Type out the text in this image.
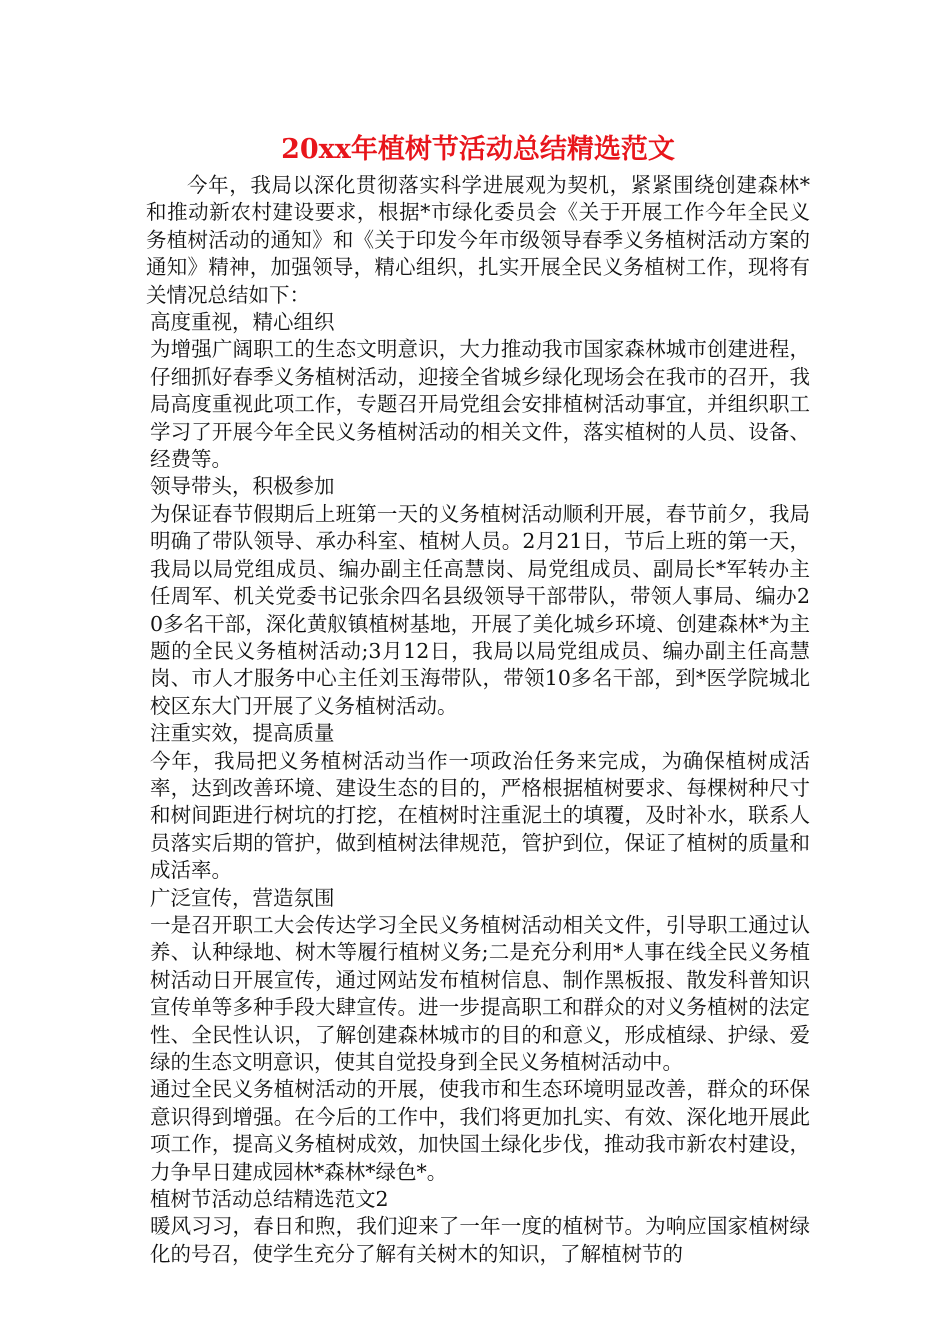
20xx年植树节活动总结精选范文

今年，我局以深化贯彻落实科学进展观为契机，紧紧围绕创建森林*和推动新农村建设要求，根据*市绿化委员会《关于开展工作今年全民义务植树活动的通知》和《关于印发今年市级领导春季义务植树活动方案的通知》精神，加强领导，精心组织，扎实开展全民义务植树工作，现将有关情况总结如下：

高度重视，精心组织

为增强广阔职工的生态文明意识，大力推动我市国家森林城市创建进程，仔细抓好春季义务植树活动，迎接全省城乡绿化现场会在我市的召开，我局高度重视此项工作，专题召开局党组会安排植树活动事宜，并组织职工学习了开展今年全民义务植树活动的相关文件，落实植树的人员、设备、经费等。

领导带头，积极参加

为保证春节假期后上班第一天的义务植树活动顺利开展，春节前夕，我局明确了带队领导、承办科室、植树人员。2月21日，节后上班的第一天，我局以局党组成员、编办副主任高慧岗、局党组成员、副局长*军转办主任周军、机关党委书记张余四名县级领导干部带队，带领人事局、编办20多名干部，深化黄舣镇植树基地，开展了美化城乡环境、创建森林*为主题的全民义务植树活动;3月12日，我局以局党组成员、编办副主任高慧岗、市人才服务中心主任刘玉海带队，带领10多名干部，到*医学院城北校区东大门开展了义务植树活动。

注重实效，提高质量

今年，我局把义务植树活动当作一项政治任务来完成，为确保植树成活率，达到改善环境、建设生态的目的，严格根据植树要求、每棵树种尺寸和树间距进行树坑的打挖，在植树时注重泥土的填覆，及时补水，联系人员落实后期的管护，做到植树法律规范，管护到位，保证了植树的质量和成活率。

广泛宣传，营造氛围

一是召开职工大会传达学习全民义务植树活动相关文件，引导职工通过认养、认种绿地、树木等履行植树义务;二是充分利用*人事在线全民义务植树活动日开展宣传，通过网站发布植树信息、制作黑板报、散发科普知识宣传单等多种手段大肆宣传。进一步提高职工和群众的对义务植树的法定性、全民性认识，了解创建森林城市的目的和意义，形成植绿、护绿、爱绿的生态文明意识，使其自觉投身到全民义务植树活动中。

通过全民义务植树活动的开展，使我市和生态环境明显改善，群众的环保意识得到增强。在今后的工作中，我们将更加扎实、有效、深化地开展此项工作，提高义务植树成效，加快国土绿化步伐，推动我市新农村建设，力争早日建成园林*森林*绿色*。

植树节活动总结精选范文2

暖风习习，春日和煦，我们迎来了一年一度的植树节。为响应国家植树绿化的号召，使学生充分了解有关树木的知识，了解植树节的
